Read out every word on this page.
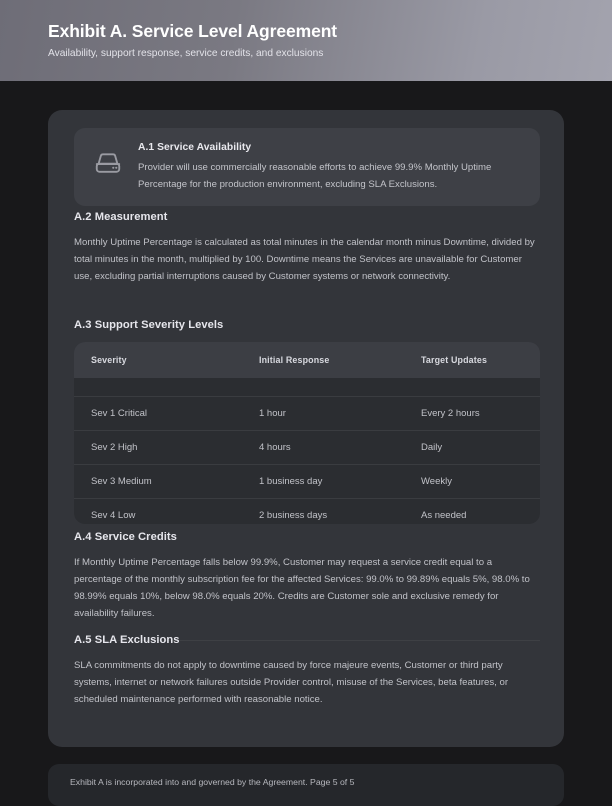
Exhibit A. Service Level Agreement

Availability, support response, service credits, and exclusions

A.1 Service Availability

Provider will use commercially reasonable efforts to achieve 99.9% Monthly Uptime Percentage for the production environment, excluding SLA Exclusions.

A.2 Measurement

Monthly Uptime Percentage is calculated as total minutes in the calendar month minus Downtime, divided by total minutes in the month, multiplied by 100. Downtime means the Services are unavailable for Customer use, excluding partial interruptions caused by Customer systems or network connectivity.

A.3 Support Severity Levels
Severity	Initial Response	Target Updates

Sev 1 Critical	1 hour	Every 2 hours
Sev 2 High	4 hours	Daily
Sev 3 Medium	1 business day	Weekly
Sev 4 Low	2 business days	As needed
A.4 Service Credits

If Monthly Uptime Percentage falls below 99.9%, Customer may request a service credit equal to a percentage of the monthly subscription fee for the affected Services: 99.0% to 99.89% equals 5%, 98.0% to 98.99% equals 10%, below 98.0% equals 20%. Credits are Customer sole and exclusive remedy for availability failures.

A.5 SLA Exclusions

SLA commitments do not apply to downtime caused by force majeure events, Customer or third party systems, internet or network failures outside Provider control, misuse of the Services, beta features, or scheduled maintenance performed with reasonable notice.

Exhibit A is incorporated into and governed by the Agreement. Page 5 of 5
